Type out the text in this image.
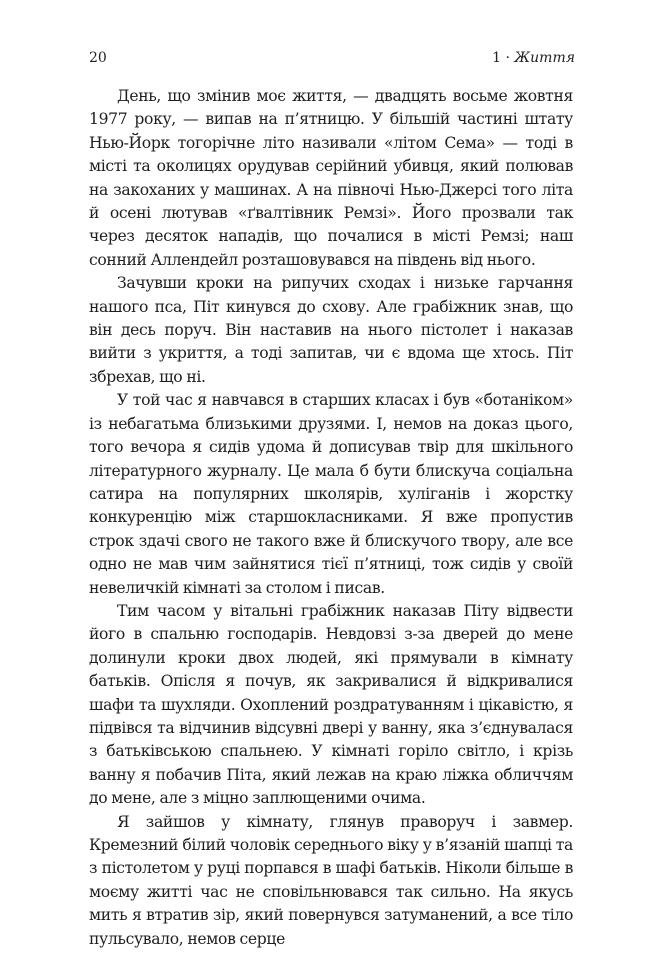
20	1 · Життя

День, що змінив моє життя, — двадцять восьме жовтня 1977 року, — випав на п’ятницю. У більшій частині штату Нью-Йорк тогорічне літо називали «літом Сема» — тоді в місті та околицях орудував серійний убивця, який полював на закоханих у машинах. А на півночі Нью-Джерсі того літа й осені лютував «ґвалтівник Ремзі». Його прозвали так через десяток нападів, що почалися в місті Ремзі; наш сонний Аллендейл розташовувався на південь від нього.

Зачувши кроки на рипучих сходах і низьке гарчання нашого пса, Піт кинувся до схову. Але грабіжник знав, що він десь поруч. Він наставив на нього пістолет і наказав вийти з укриття, а тоді запитав, чи є вдома ще хтось. Піт збрехав, що ні.

У той час я навчався в старших класах і був «ботаніком» із небагатьма близькими друзями. І, немов на доказ цього, того вечора я сидів удома й дописував твір для шкільного літературного журналу. Це мала б бути блискуча соціальна сатира на популярних школярів, хуліганів і жорстку конкуренцію між старшокласниками. Я вже пропустив строк здачі свого не такого вже й блискучого твору, але все одно не мав чим зайнятися тієї п’ятниці, тож сидів у своїй невеличкій кімнаті за столом і писав.

Тим часом у вітальні грабіжник наказав Піту відвести його в спальню господарів. Невдовзі з-за дверей до мене долинули кроки двох людей, які прямували в кімнату батьків. Опісля я почув, як закривалися й відкривалися шафи та шухляди. Охоплений роздратуванням і цікавістю, я підвівся та відчинив відсувні двері у ванну, яка з’єднувалася з батьківською спальнею. У кімнаті горіло світло, і крізь ванну я побачив Піта, який лежав на краю ліжка обличчям до мене, але з міцно заплющеними очима.

Я зайшов у кімнату, глянув праворуч і завмер. Кремезний білий чоловік середнього віку у в’язаній шапці та з пістолетом у руці порпався в шафі батьків. Ніколи більше в моєму житті час не сповільнювався так сильно. На якусь мить я втратив зір, який повернувся затуманений, а все тіло пульсувало, немов серце
